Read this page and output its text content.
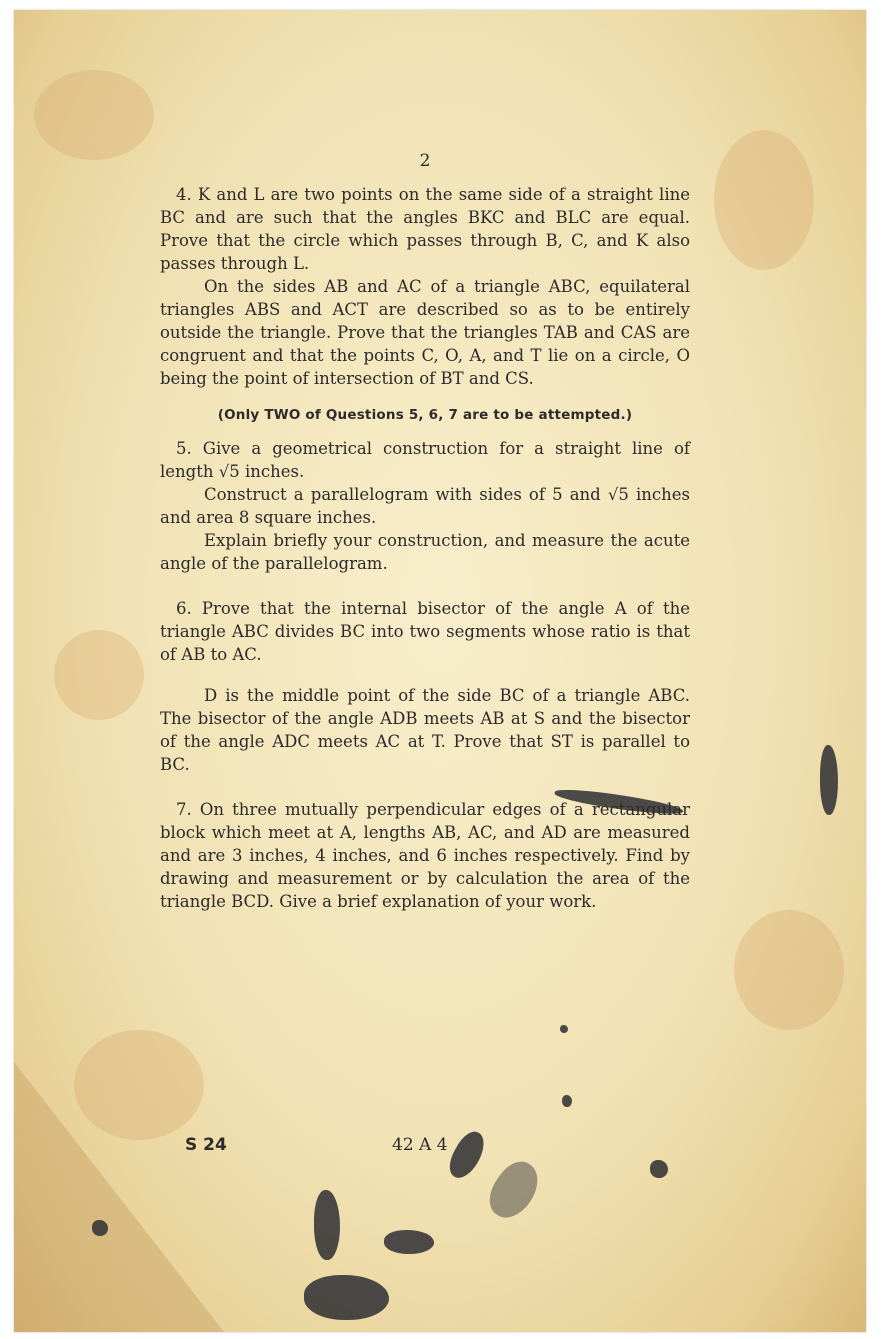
2

4. K and L are two points on the same side of a straight line BC and are such that the angles BKC and BLC are equal. Prove that the circle which passes through B, C, and K also passes through L.

On the sides AB and AC of a triangle ABC, equilateral triangles ABS and ACT are described so as to be entirely outside the triangle. Prove that the triangles TAB and CAS are congruent and that the points C, O, A, and T lie on a circle, O being the point of intersection of BT and CS.

(Only TWO of Questions 5, 6, 7 are to be attempted.)

5. Give a geometrical construction for a straight line of length √5 inches.

Construct a parallelogram with sides of 5 and √5 inches and area 8 square inches.

Explain briefly your construction, and measure the acute angle of the parallelogram.

6. Prove that the internal bisector of the angle A of the triangle ABC divides BC into two segments whose ratio is that of AB to AC.

D is the middle point of the side BC of a triangle ABC. The bisector of the angle ADB meets AB at S and the bisector of the angle ADC meets AC at T. Prove that ST is parallel to BC.

7. On three mutually perpendicular edges of a rectangular block which meet at A, lengths AB, AC, and AD are measured and are 3 inches, 4 inches, and 6 inches respectively. Find by drawing and measurement or by calculation the area of the triangle BCD. Give a brief explanation of your work.

S 24	42 A 4
